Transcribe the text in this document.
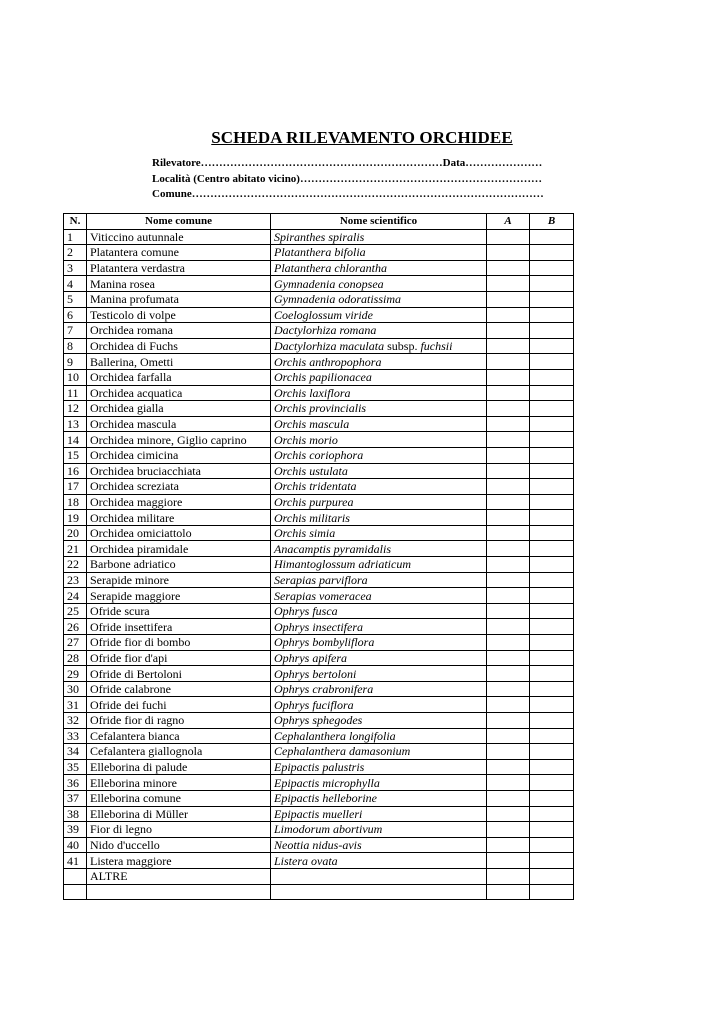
SCHEDA RILEVAMENTO ORCHIDEE
Rilevatore…………………………………………………………Data…………………
Località (Centro abitato vicino)…………………………………………………………
Comune……………………………………………………………………………………
N.	Nome comune	Nome scientifico	A	B
1	Viticcino autunnale	Spiranthes spiralis		
2	Platantera comune	Platanthera bifolia		
3	Platantera verdastra	Platanthera chlorantha		
4	Manina rosea	Gymnadenia conopsea		
5	Manina profumata	Gymnadenia odoratissima		
6	Testicolo di volpe	Coeloglossum viride		
7	Orchidea romana	Dactylorhiza romana		
8	Orchidea di Fuchs	Dactylorhiza maculata subsp. fuchsii		
9	Ballerina, Ometti	Orchis anthropophora		
10	Orchidea farfalla	Orchis papilionacea		
11	Orchidea acquatica	Orchis laxiflora		
12	Orchidea gialla	Orchis provincialis		
13	Orchidea mascula	Orchis mascula		
14	Orchidea minore, Giglio caprino	Orchis morio		
15	Orchidea cimicina	Orchis coriophora		
16	Orchidea bruciacchiata	Orchis ustulata		
17	Orchidea screziata	Orchis tridentata		
18	Orchidea maggiore	Orchis purpurea		
19	Orchidea militare	Orchis militaris		
20	Orchidea omiciattolo	Orchis simia		
21	Orchidea piramidale	Anacamptis pyramidalis		
22	Barbone adriatico	Himantoglossum adriaticum		
23	Serapide minore	Serapias parviflora		
24	Serapide maggiore	Serapias vomeracea		
25	Ofride scura	Ophrys fusca		
26	Ofride insettifera	Ophrys insectifera		
27	Ofride fior di bombo	Ophrys bombyliflora		
28	Ofride fior d'api	Ophrys apifera		
29	Ofride di Bertoloni	Ophrys bertoloni		
30	Ofride calabrone	Ophrys crabronifera		
31	Ofride dei fuchi	Ophrys fuciflora		
32	Ofride fior di ragno	Ophrys sphegodes		
33	Cefalantera bianca	Cephalanthera longifolia		
34	Cefalantera giallognola	Cephalanthera damasonium		
35	Elleborina di palude	Epipactis palustris		
36	Elleborina minore	Epipactis microphylla		
37	Elleborina comune	Epipactis helleborine		
38	Elleborina di Müller	Epipactis muelleri		
39	Fior di legno	Limodorum abortivum		
40	Nido d'uccello	Neottia nidus-avis		
41	Listera maggiore	Listera ovata		
	ALTRE			
